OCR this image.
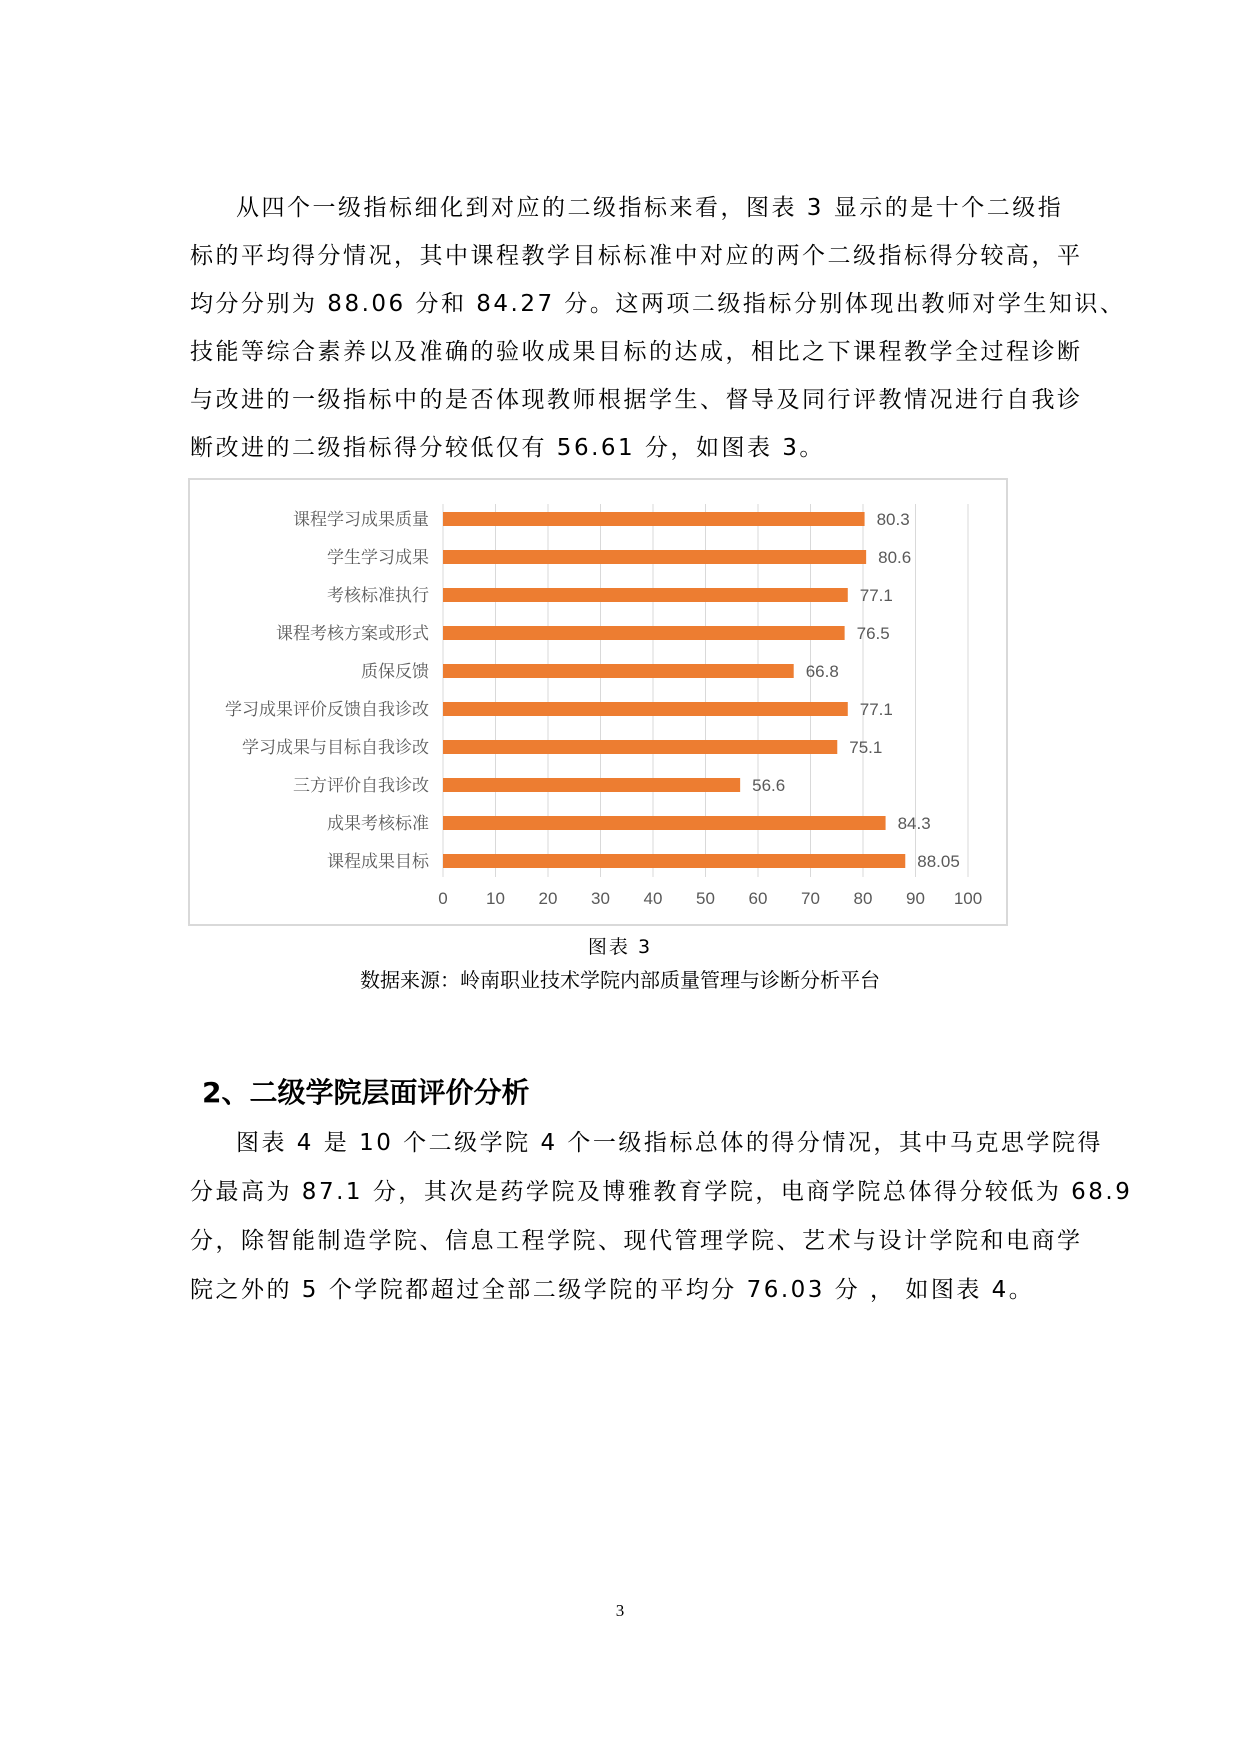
从四个一级指标细化到对应的二级指标来看，图表 3 显示的是十个二级指
标的平均得分情况，其中课程教学目标标准中对应的两个二级指标得分较高，平
均分分别为 88.06 分和 84.27 分。这两项二级指标分别体现出教师对学生知识、
技能等综合素养以及准确的验收成果目标的达成，相比之下课程教学全过程诊断
与改进的一级指标中的是否体现教师根据学生、督导及同行评教情况进行自我诊
断改进的二级指标得分较低仅有 56.61 分，如图表 3。
0 10 20 30 40 50 60 70 80 90 100
课程学习成果质量	80.3
学生学习成果	80.6
考核标准执行	77.1
课程考核方案或形式	76.5
质保反馈	66.8
学习成果评价反馈自我诊改	77.1
学习成果与目标自我诊改	75.1
三方评价自我诊改	56.6
成果考核标准	84.3
课程成果目标	88.05

图表 3

数据来源：岭南职业技术学院内部质量管理与诊断分析平台

2、二级学院层面评价分析
图表 4 是 10 个二级学院 4 个一级指标总体的得分情况，其中马克思学院得
分最高为 87.1 分，其次是药学院及博雅教育学院，电商学院总体得分较低为 68.9
分，除智能制造学院、信息工程学院、现代管理学院、艺术与设计学院和电商学
院之外的 5 个学院都超过全部二级学院的平均分 76.03 分 ， 如图表 4。

3
